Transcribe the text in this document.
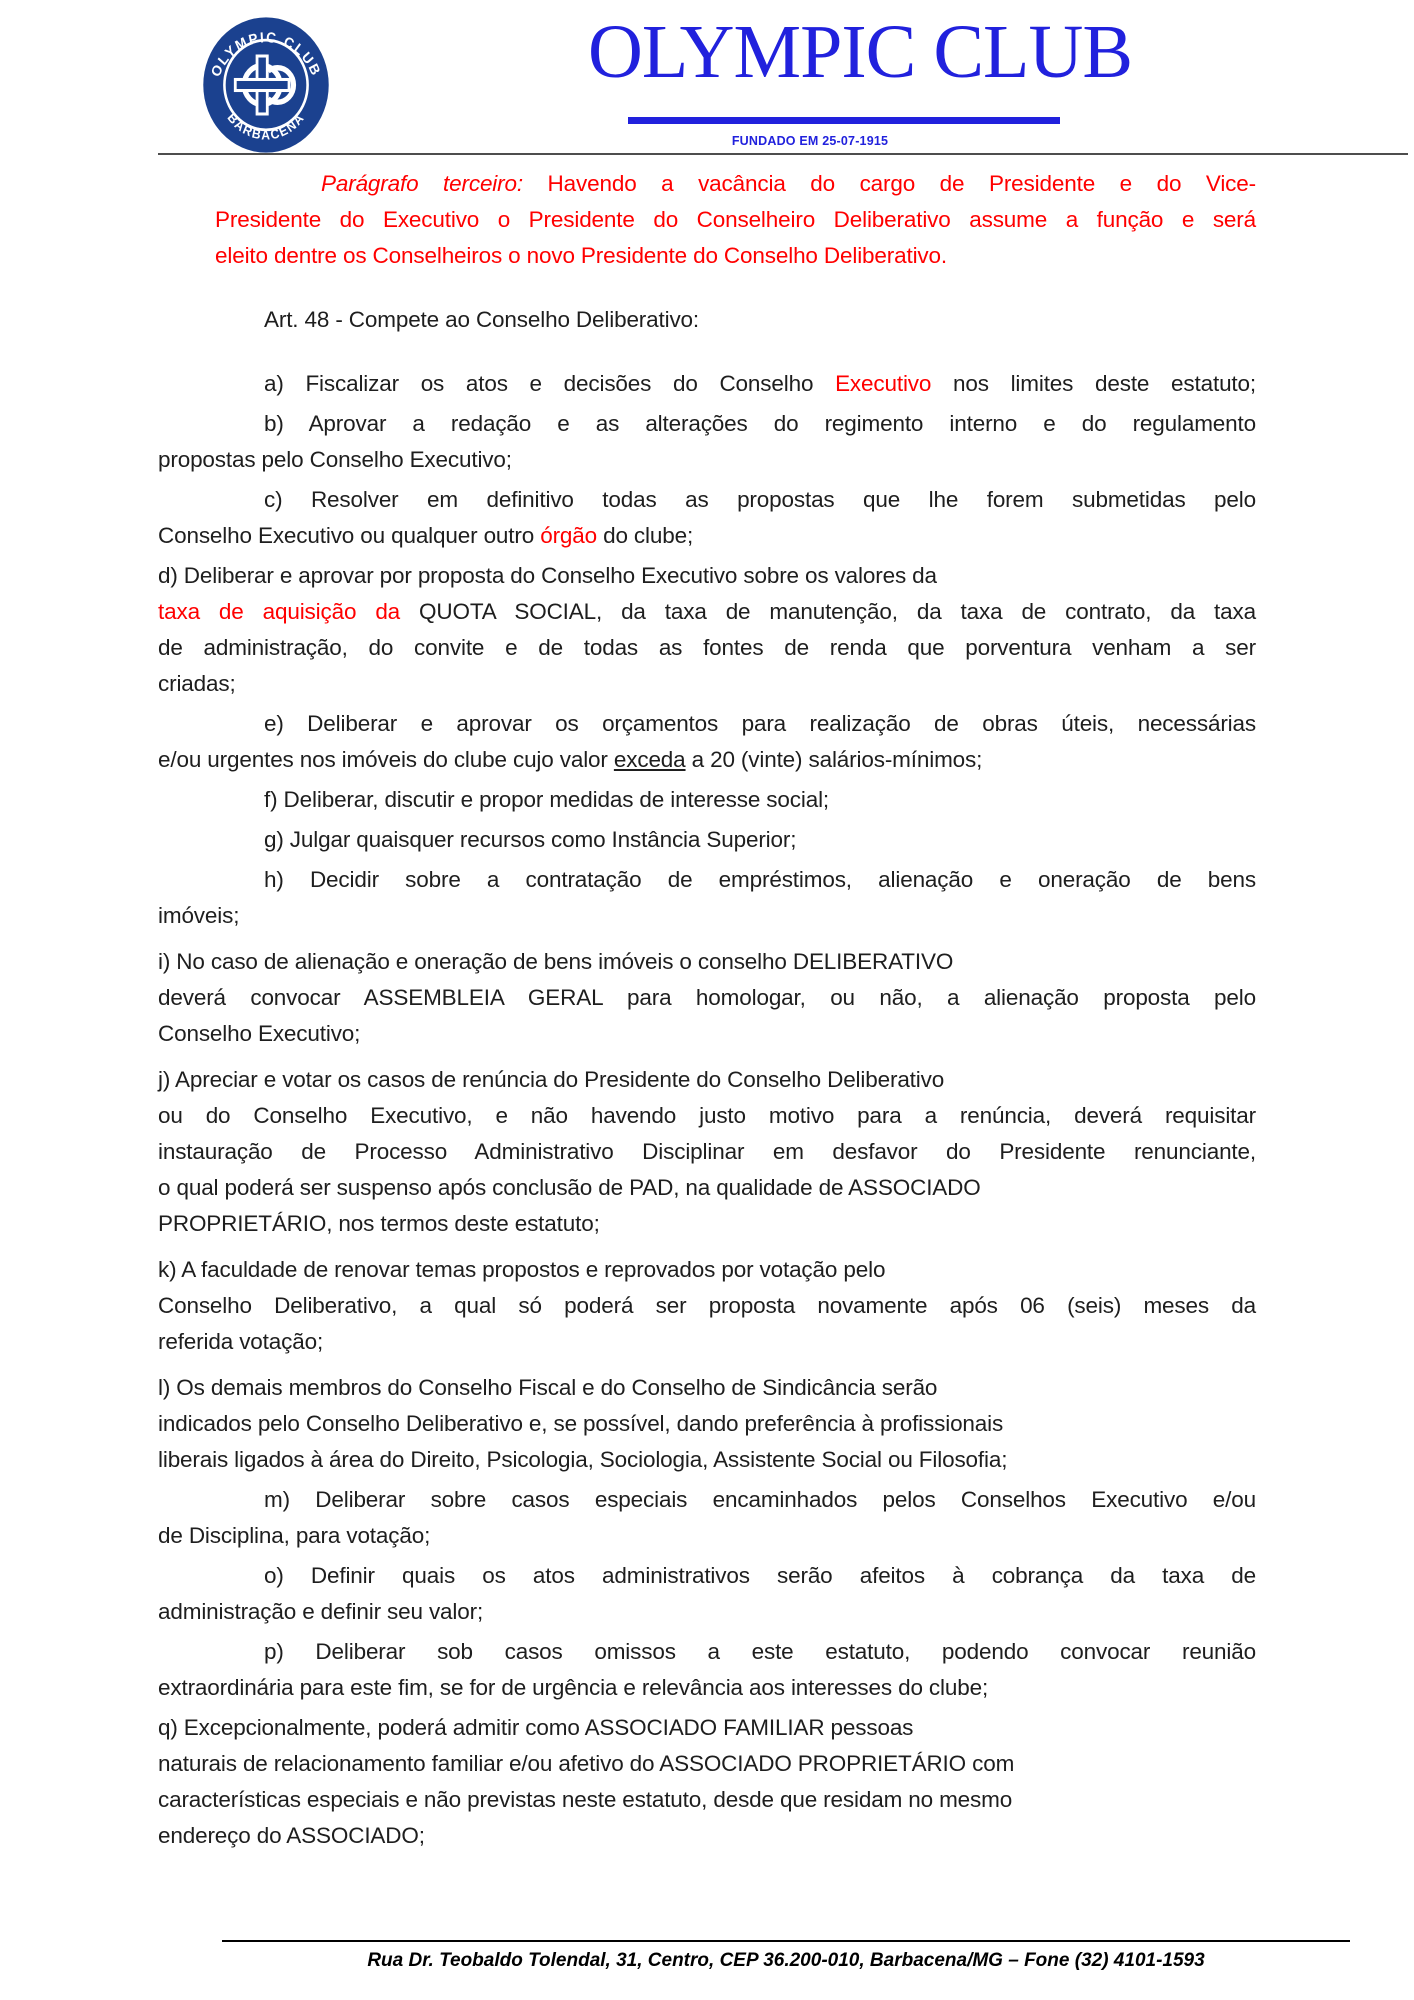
OLYMPIC CLUB
BARBACENA
OLYMPIC CLUB
FUNDADO EM 25-07-1915
Parágrafo terceiro: Havendo a vacância do cargo de Presidente e do Vice-
Presidente do Executivo o Presidente do Conselheiro Deliberativo assume a função e será
eleito dentre os Conselheiros o novo Presidente do Conselho Deliberativo.
Art. 48 - Compete ao Conselho Deliberativo:
a) Fiscalizar os atos e decisões do Conselho Executivo nos limites deste estatuto;
b) Aprovar a redação e as alterações do regimento interno e do regulamento
propostas pelo Conselho Executivo;
c) Resolver em definitivo todas as propostas que lhe forem submetidas pelo
Conselho Executivo ou qualquer outro órgão do clube;
d) Deliberar e aprovar por proposta do Conselho Executivo sobre os valores da
taxa de aquisição da QUOTA SOCIAL, da taxa de manutenção, da taxa de contrato, da taxa
de administração, do convite e de todas as fontes de renda que porventura venham a ser
criadas;
e) Deliberar e aprovar os orçamentos para realização de obras úteis, necessárias
e/ou urgentes nos imóveis do clube cujo valor exceda a 20 (vinte) salários-mínimos;
f) Deliberar, discutir e propor medidas de interesse social;
g) Julgar quaisquer recursos como Instância Superior;
h) Decidir sobre a contratação de empréstimos, alienação e oneração de bens
imóveis;
i) No caso de alienação e oneração de bens imóveis o conselho DELIBERATIVO
deverá convocar ASSEMBLEIA GERAL para homologar, ou não, a alienação proposta pelo
Conselho Executivo;
j) Apreciar e votar os casos de renúncia do Presidente do Conselho Deliberativo
ou do Conselho Executivo, e não havendo justo motivo para a renúncia, deverá requisitar
instauração de Processo Administrativo Disciplinar em desfavor do Presidente renunciante,
o qual poderá ser suspenso após conclusão de PAD, na qualidade de ASSOCIADO
PROPRIETÁRIO, nos termos deste estatuto;
k) A faculdade de renovar temas propostos e reprovados por votação pelo
Conselho Deliberativo, a qual só poderá ser proposta novamente após 06 (seis) meses da
referida votação;
l) Os demais membros do Conselho Fiscal e do Conselho de Sindicância serão
indicados pelo Conselho Deliberativo e, se possível, dando preferência à profissionais
liberais ligados à área do Direito, Psicologia, Sociologia, Assistente Social ou Filosofia;
m) Deliberar sobre casos especiais encaminhados pelos Conselhos Executivo e/ou
de Disciplina, para votação;
o) Definir quais os atos administrativos serão afeitos à cobrança da taxa de
administração e definir seu valor;
p) Deliberar sob casos omissos a este estatuto, podendo convocar reunião
extraordinária para este fim, se for de urgência e relevância aos interesses do clube;
q) Excepcionalmente, poderá admitir como ASSOCIADO FAMILIAR pessoas
naturais de relacionamento familiar e/ou afetivo do ASSOCIADO PROPRIETÁRIO com
características especiais e não previstas neste estatuto, desde que residam no mesmo
endereço do ASSOCIADO;
Rua Dr. Teobaldo Tolendal, 31, Centro, CEP 36.200-010, Barbacena/MG – Fone (32) 4101-1593
